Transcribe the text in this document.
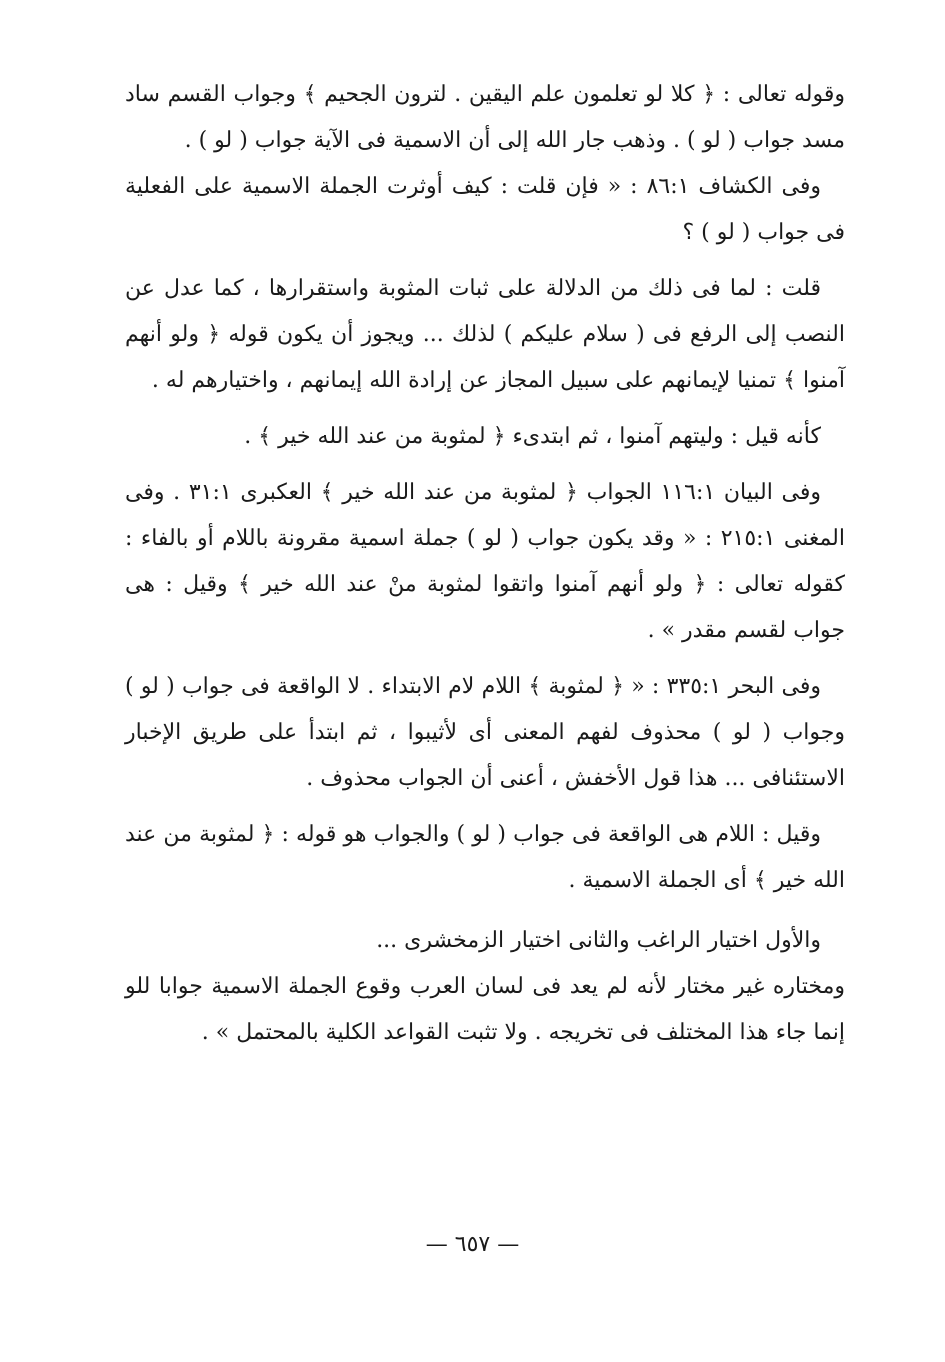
وقوله تعالى : ﴿ كلا لو تعلمون علم اليقين . لترون الجحيم ﴾ وجواب القسم ساد مسد جواب ( لو ) . وذهب جار الله إلى أن الاسمية فى الآية جواب ( لو ) .

وفى الكشاف ٨٦:١ : « فإن قلت : كيف أوثرت الجملة الاسمية على الفعلية فى جواب ( لو ) ؟

قلت : لما فى ذلك من الدلالة على ثبات المثوبة واستقرارها ، كما عدل عن النصب إلى الرفع فى ( سلام عليكم ) لذلك ... ويجوز أن يكون قوله ﴿ ولو أنهم آمنوا ﴾ تمنيا لإيمانهم على سبيل المجاز عن إرادة الله إيمانهم ، واختيارهم له .

كأنه قيل : وليتهم آمنوا ، ثم ابتدىء ﴿ لمثوبة من عند الله خير ﴾ .

وفى البيان ١١٦:١ الجواب ﴿ لمثوبة من عند الله خير ﴾ العكبرى ٣١:١ . وفى المغنى ٢١٥:١ : « وقد يكون جواب ( لو ) جملة اسمية مقرونة باللام أو بالفاء : كقوله تعالى : ﴿ ولو أنهم آمنوا واتقوا لمثوبة منْ عند الله خير ﴾ وقيل : هى جواب لقسم مقدر » .

وفى البحر ٣٣٥:١ : « ﴿ لمثوبة ﴾ اللام لام الابتداء . لا الواقعة فى جواب ( لو ) وجواب ( لو ) محذوف لفهم المعنى أى لأثيبوا ، ثم ابتدأ على طريق الإخبار الاستئنافى ... هذا قول الأخفش ، أعنى أن الجواب محذوف .

وقيل : اللام هى الواقعة فى جواب ( لو ) والجواب هو قوله : ﴿ لمثوبة من عند الله خير ﴾ أى الجملة الاسمية .

والأول اختيار الراغب والثانى اختيار الزمخشرى ...

ومختاره غير مختار لأنه لم يعد فى لسان العرب وقوع الجملة الاسمية جوابا للو إنما جاء هذا المختلف فى تخريجه . ولا تثبت القواعد الكلية بالمحتمل » .

— ٦٥٧ —
